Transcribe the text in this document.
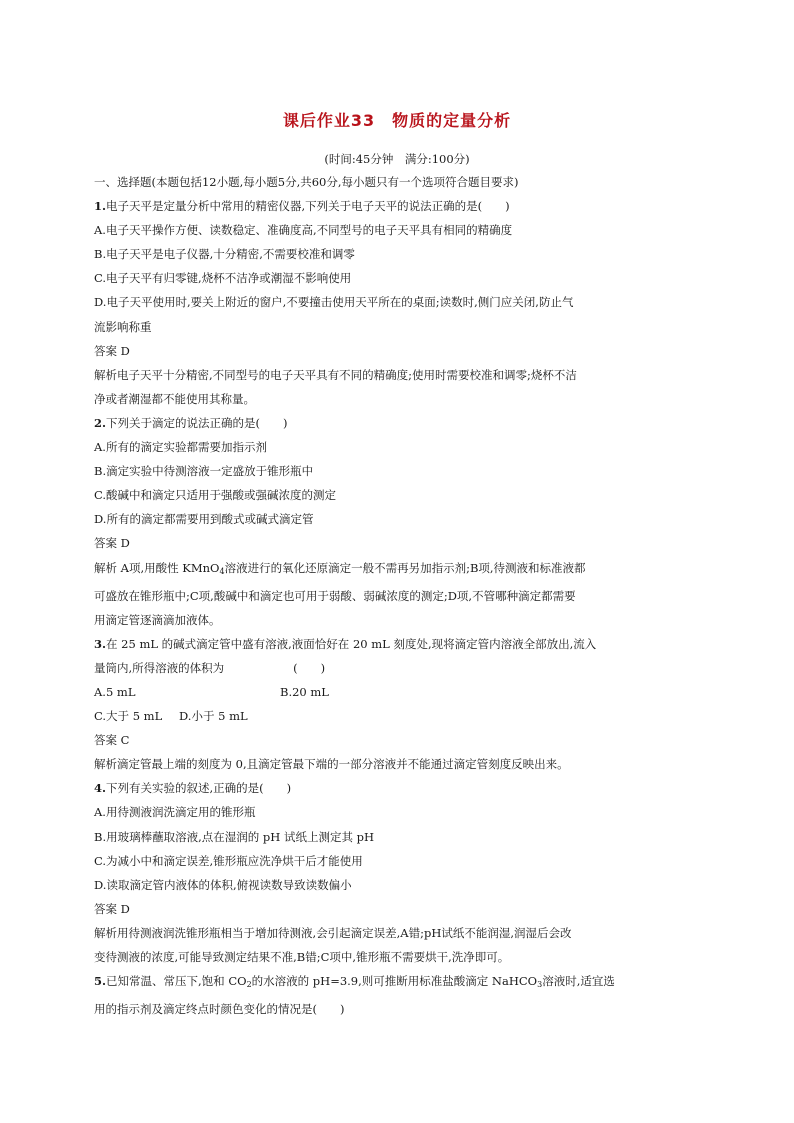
课后作业33　物质的定量分析
(时间:45分钟　满分:100分)
一、选择题(本题包括12小题,每小题5分,共60分,每小题只有一个选项符合题目要求)
1.电子天平是定量分析中常用的精密仪器,下列关于电子天平的说法正确的是(　　)
A.电子天平操作方便、读数稳定、准确度高,不同型号的电子天平具有相同的精确度
B.电子天平是电子仪器,十分精密,不需要校准和调零
C.电子天平有归零键,烧杯不洁净或潮湿不影响使用
D.电子天平使用时,要关上附近的窗户,不要撞击使用天平所在的桌面;读数时,侧门应关闭,防止气
流影响称重
答案 D
解析电子天平十分精密,不同型号的电子天平具有不同的精确度;使用时需要校准和调零;烧杯不洁
净或者潮湿都不能使用其称量。
2.下列关于滴定的说法正确的是(　　)
A.所有的滴定实验都需要加指示剂
B.滴定实验中待测溶液一定盛放于锥形瓶中
C.酸碱中和滴定只适用于强酸或强碱浓度的测定
D.所有的滴定都需要用到酸式或碱式滴定管
答案 D
解析 A项,用酸性 KMnO$_4$溶液进行的氧化还原滴定一般不需再另加指示剂;B项,待测液和标准液都
可盛放在锥形瓶中;C项,酸碱中和滴定也可用于弱酸、弱碱浓度的测定;D项,不管哪种滴定都需要
用滴定管逐滴滴加液体。
3.在 25 mL 的碱式滴定管中盛有溶液,液面恰好在 20 mL 刻度处,现将滴定管内溶液全部放出,流入
量筒内,所得溶液的体积为　　　　　　(　　)
A.5 mL	B.20 mL
C.大于 5 mL D.小于 5 mL
答案 C
解析滴定管最上端的刻度为 0,且滴定管最下端的一部分溶液并不能通过滴定管刻度反映出来。
4.下列有关实验的叙述,正确的是(　　)
A.用待测液润洗滴定用的锥形瓶
B.用玻璃棒蘸取溶液,点在湿润的 pH 试纸上测定其 pH
C.为减小中和滴定误差,锥形瓶应洗净烘干后才能使用
D.读取滴定管内液体的体积,俯视读数导致读数偏小
答案 D
解析用待测液润洗锥形瓶相当于增加待测液,会引起滴定误差,A错;pH试纸不能润湿,润湿后会改
变待测液的浓度,可能导致测定结果不准,B错;C项中,锥形瓶不需要烘干,洗净即可。
5.已知常温、常压下,饱和 $CO_2$的水溶液的 pH=3.9,则可推断用标准盐酸滴定 NaHCO$_3$溶液时,适宜选
用的指示剂及滴定终点时颜色变化的情况是(　　)
